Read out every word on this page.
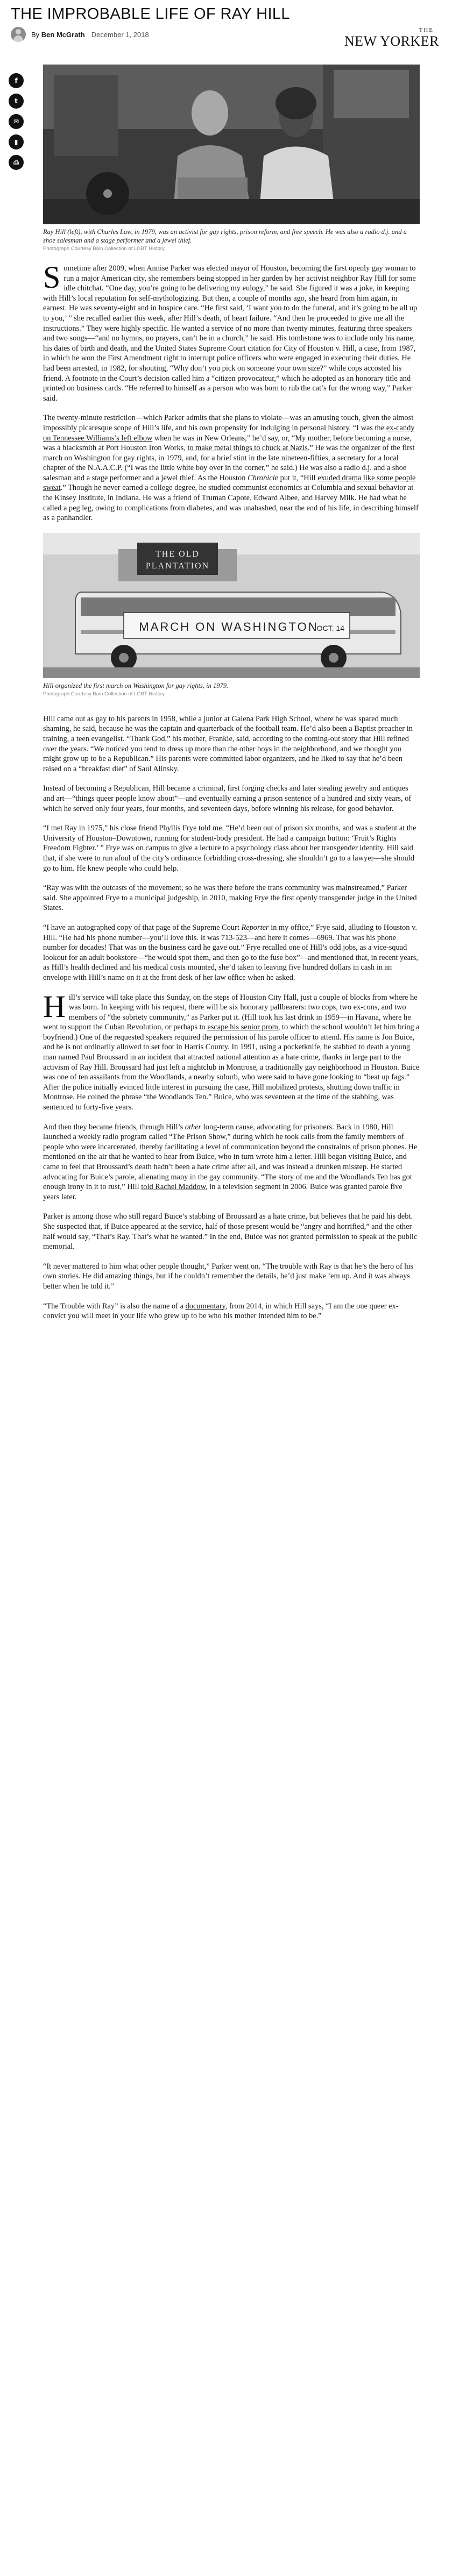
THE IMPROBABLE LIFE OF RAY HILL
By
Ben McGrath December 1, 2018
THE
NEW YORKER
f
t
✉
▮
⎙
Ray Hill (left), with Charles Law, in 1979, was an activist for gay rights, prison reform, and free speech. He was also a radio d.j. and a shoe salesman and a stage performer and a jewel thief.
Photograph Courtesy Bain Collection of LGBT History

Sometime after 2009, when Annise Parker was elected mayor of Houston, becoming the first openly gay woman to run a major American city, she remembers being stopped in her garden by her activist neighbor Ray Hill for some idle chitchat. “One day, you’re going to be delivering my eulogy,” he said. She figured it was a joke, in keeping with Hill’s local reputation for self-mythologizing. But then, a couple of months ago, she heard from him again, in earnest. He was seventy-eight and in hospice care. “He first said, ‘I want you to do the funeral, and it’s going to be all up to you,’ ” she recalled earlier this week, after Hill’s death, of heart failure. “And then he proceeded to give me all the instructions.” They were highly specific. He wanted a service of no more than twenty minutes, featuring three speakers and two songs—“and no hymns, no prayers, can’t be in a church,” he said. His tombstone was to include only his name, his dates of birth and death, and the United States Supreme Court citation for City of Houston v. Hill, a case, from 1987, in which he won the First Amendment right to interrupt police officers who were engaged in executing their duties. He had been arrested, in 1982, for shouting, “Why don’t you pick on someone your own size?” while cops accosted his friend. A footnote in the Court’s decision called him a “citizen provocateur,” which he adopted as an honorary title and printed on business cards. “He referred to himself as a person who was born to rub the cat’s fur the wrong way,” Parker said.

The twenty-minute restriction—which Parker admits that she plans to violate—was an amusing touch, given the almost impossibly picaresque scope of Hill’s life, and his own propensity for indulging in personal history. “I was the ex-candy on Tennessee Williams’s left elbow when he was in New Orleans,” he’d say, or, “My mother, before becoming a nurse, was a blacksmith at Port Houston Iron Works, to make metal things to chuck at Nazis.” He was the organizer of the first march on Washington for gay rights, in 1979, and, for a brief stint in the late nineteen-fifties, a secretary for a local chapter of the N.A.A.C.P. (“I was the little white boy over in the corner,” he said.) He was also a radio d.j. and a shoe salesman and a stage performer and a jewel thief. As the Houston Chronicle put it, “Hill exuded drama like some people sweat.” Though he never earned a college degree, he studied communist economics at Columbia and sexual behavior at the Kinsey Institute, in Indiana. He was a friend of Truman Capote, Edward Albee, and Harvey Milk. He had what he called a peg leg, owing to complications from diabetes, and was unabashed, near the end of his life, in describing himself as a panhandler.

THE OLD
PLANTATION
MARCH ON WASHINGTON
OCT. 14
Hill organized the first march on Washington for gay rights, in 1979.
Photograph Courtesy Bain Collection of LGBT History

Hill came out as gay to his parents in 1958, while a junior at Galena Park High School, where he was spared much shaming, he said, because he was the captain and quarterback of the football team. He’d also been a Baptist preacher in training, a teen evangelist. “Thank God,” his mother, Frankie, said, according to the coming-out story that Hill refined over the years. “We noticed you tend to dress up more than the other boys in the neighborhood, and we thought you might grow up to be a Republican.” His parents were committed labor organizers, and he liked to say that he’d been raised on a “breakfast diet” of Saul Alinsky.

Instead of becoming a Republican, Hill became a criminal, first forging checks and later stealing jewelry and antiques and art—“things queer people know about”—and eventually earning a prison sentence of a hundred and sixty years, of which he served only four years, four months, and seventeen days, before winning his release, for good behavior.

“I met Ray in 1975,” his close friend Phyllis Frye told me. “He’d been out of prison six months, and was a student at the University of Houston–Downtown, running for student-body president. He had a campaign button: ‘Fruit’s Rights Freedom Fighter.’ ” Frye was on campus to give a lecture to a psychology class about her transgender identity. Hill said that, if she were to run afoul of the city’s ordinance forbidding cross-dressing, she shouldn’t go to a lawyer—she should go to him. He knew people who could help.

“Ray was with the outcasts of the movement, so he was there before the trans community was mainstreamed,” Parker said. She appointed Frye to a municipal judgeship, in 2010, making Frye the first openly transgender judge in the United States.

“I have an autographed copy of that page of the Supreme Court Reporter in my office,” Frye said, alluding to Houston v. Hill. “He had his phone number—you’ll love this. It was 713-523—and here it comes—6969. That was his phone number for decades! That was on the business card he gave out.” Frye recalled one of Hill’s odd jobs, as a vice-squad lookout for an adult bookstore—“he would spot them, and then go to the fuse box”—and mentioned that, in recent years, as Hill’s health declined and his medical costs mounted, she’d taken to leaving five hundred dollars in cash in an envelope with Hill’s name on it at the front desk of her law office when he asked.

Hill’s service will take place this Sunday, on the steps of Houston City Hall, just a couple of blocks from where he was born. In keeping with his request, there will be six honorary pallbearers: two cops, two ex-cons, and two members of “the sobriety community,” as Parker put it. (Hill took his last drink in 1959—in Havana, where he went to support the Cuban Revolution, or perhaps to escape his senior prom, to which the school wouldn’t let him bring a boyfriend.) One of the requested speakers required the permission of his parole officer to attend. His name is Jon Buice, and he is not ordinarily allowed to set foot in Harris County. In 1991, using a pocketknife, he stabbed to death a young man named Paul Broussard in an incident that attracted national attention as a hate crime, thanks in large part to the activism of Ray Hill. Broussard had just left a nightclub in Montrose, a traditionally gay neighborhood in Houston. Buice was one of ten assailants from the Woodlands, a nearby suburb, who were said to have gone looking to “beat up fags.” After the police initially evinced little interest in pursuing the case, Hill mobilized protests, shutting down traffic in Montrose. He coined the phrase “the Woodlands Ten.” Buice, who was seventeen at the time of the stabbing, was sentenced to forty-five years.

And then they became friends, through Hill’s other long-term cause, advocating for prisoners. Back in 1980, Hill launched a weekly radio program called “The Prison Show,” during which he took calls from the family members of people who were incarcerated, thereby facilitating a level of communication beyond the constraints of prison phones. He mentioned on the air that he wanted to hear from Buice, who in turn wrote him a letter. Hill began visiting Buice, and came to feel that Broussard’s death hadn’t been a hate crime after all, and was instead a drunken misstep. He started advocating for Buice’s parole, alienating many in the gay community. “The story of me and the Woodlands Ten has got enough irony in it to rust,” Hill told Rachel Maddow, in a television segment in 2006. Buice was granted parole five years later.

Parker is among those who still regard Buice’s stabbing of Broussard as a hate crime, but believes that he paid his debt. She suspected that, if Buice appeared at the service, half of those present would be “angry and horrified,” and the other half would say, “That’s Ray. That’s what he wanted.” In the end, Buice was not granted permission to speak at the public memorial.

“It never mattered to him what other people thought,” Parker went on. “The trouble with Ray is that he’s the hero of his own stories. He did amazing things, but if he couldn’t remember the details, he’d just make ’em up. And it was always better when he told it.”

“The Trouble with Ray” is also the name of a documentary, from 2014, in which Hill says, “I am the one queer ex-convict you will meet in your life who grew up to be who his mother intended him to be.”
